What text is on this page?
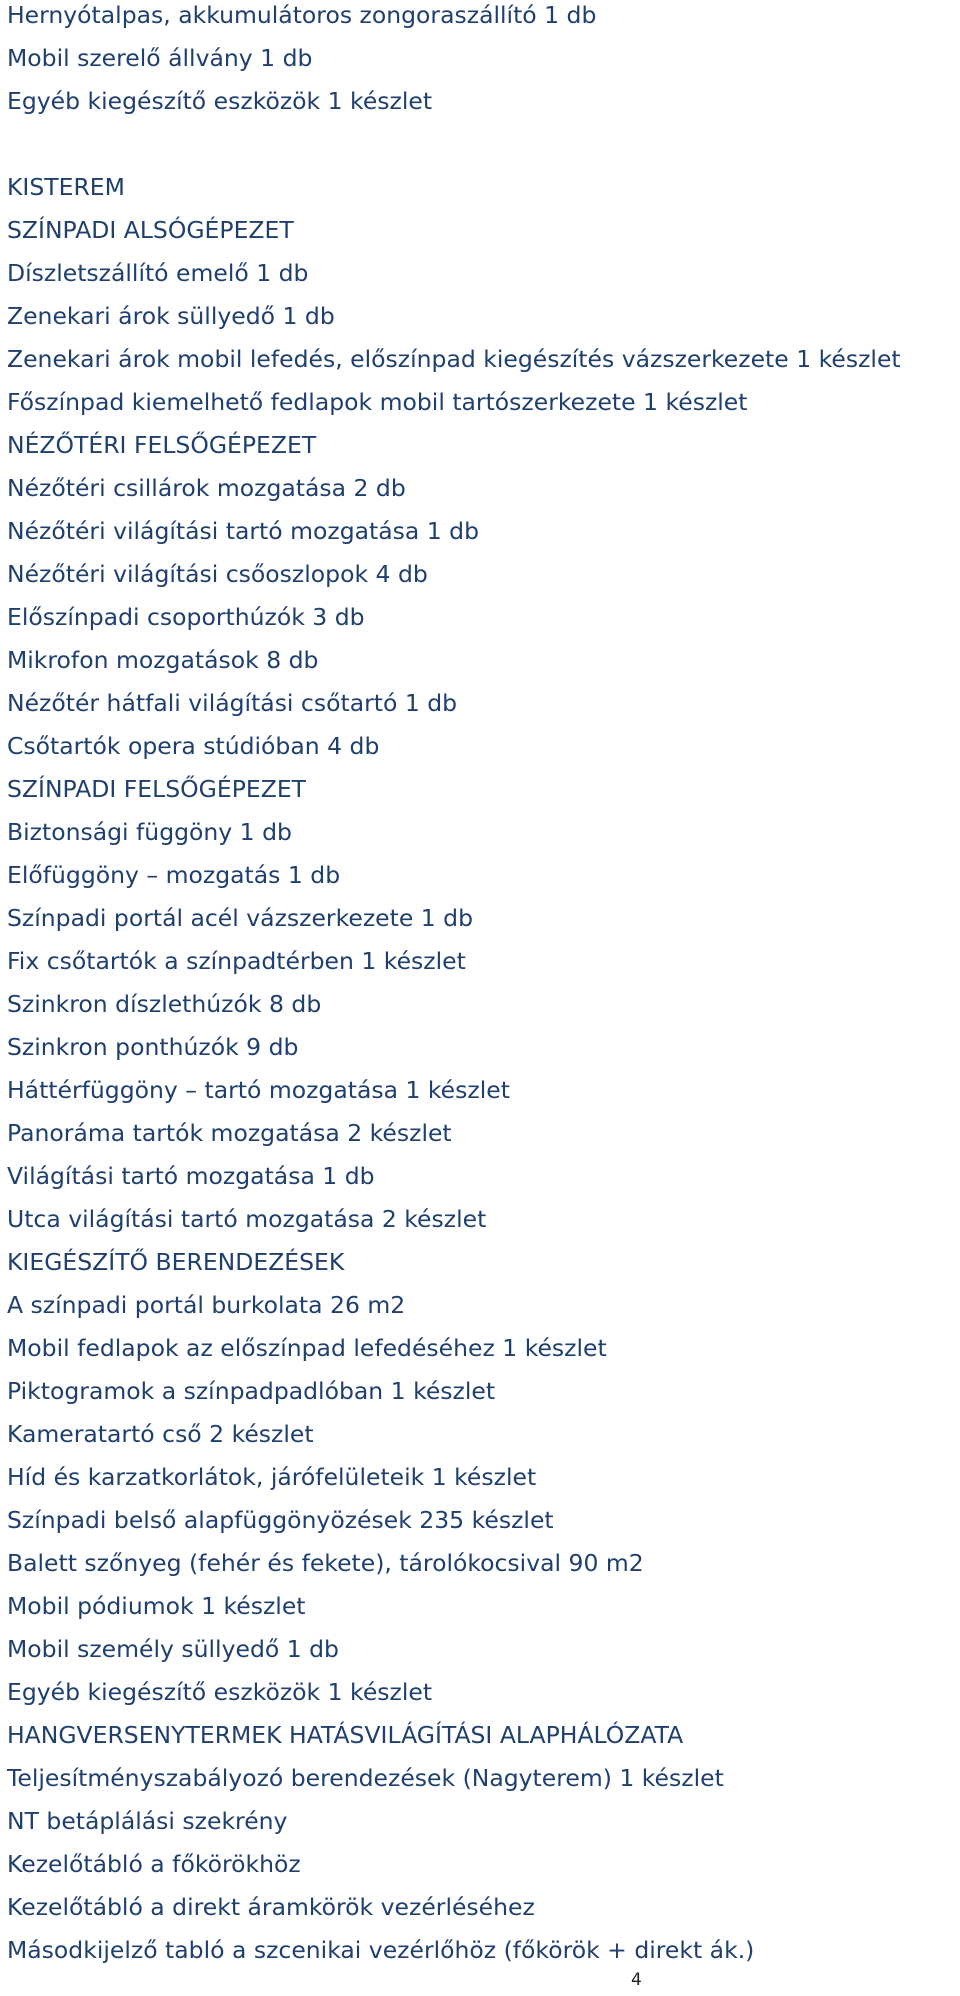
Hernyótalpas, akkumulátoros zongoraszállító 1 db
Mobil szerelő állvány 1 db
Egyéb kiegészítő eszközök 1 készlet
KISTEREM
SZÍNPADI ALSÓGÉPEZET
Díszletszállító emelő 1 db
Zenekari árok süllyedő 1 db
Zenekari árok mobil lefedés, előszínpad kiegészítés vázszerkezete 1 készlet
Főszínpad kiemelhető fedlapok mobil tartószerkezete 1 készlet
NÉZŐTÉRI FELSŐGÉPEZET
Nézőtéri csillárok mozgatása 2 db
Nézőtéri világítási tartó mozgatása 1 db
Nézőtéri világítási csőoszlopok 4 db
Előszínpadi csoporthúzók 3 db
Mikrofon mozgatások 8 db
Nézőtér hátfali világítási csőtartó 1 db
Csőtartók opera stúdióban 4 db
SZÍNPADI FELSŐGÉPEZET
Biztonsági függöny 1 db
Előfüggöny – mozgatás 1 db
Színpadi portál acél vázszerkezete 1 db
Fix csőtartók a színpadtérben 1 készlet
Szinkron díszlethúzók 8 db
Szinkron ponthúzók 9 db
Háttérfüggöny – tartó mozgatása 1 készlet
Panoráma tartók mozgatása 2 készlet
Világítási tartó mozgatása 1 db
Utca világítási tartó mozgatása 2 készlet
KIEGÉSZÍTŐ BERENDEZÉSEK
A színpadi portál burkolata 26 m2
Mobil fedlapok az előszínpad lefedéséhez 1 készlet
Piktogramok a színpadpadlóban 1 készlet
Kameratartó cső 2 készlet
Híd és karzatkorlátok, járófelületeik 1 készlet
Színpadi belső alapfüggönyözések 235 készlet
Balett szőnyeg (fehér és fekete), tárolókocsival 90 m2
Mobil pódiumok 1 készlet
Mobil személy süllyedő 1 db
Egyéb kiegészítő eszközök 1 készlet
HANGVERSENYTERMEK HATÁSVILÁGÍTÁSI ALAPHÁLÓZATA
Teljesítményszabályozó berendezések (Nagyterem) 1 készlet
NT betáplálási szekrény
Kezelőtábló a főkörökhöz
Kezelőtábló a direkt áramkörök vezérléséhez
Másodkijelző tabló a szcenikai vezérlőhöz (főkörök + direkt ák.)
4
